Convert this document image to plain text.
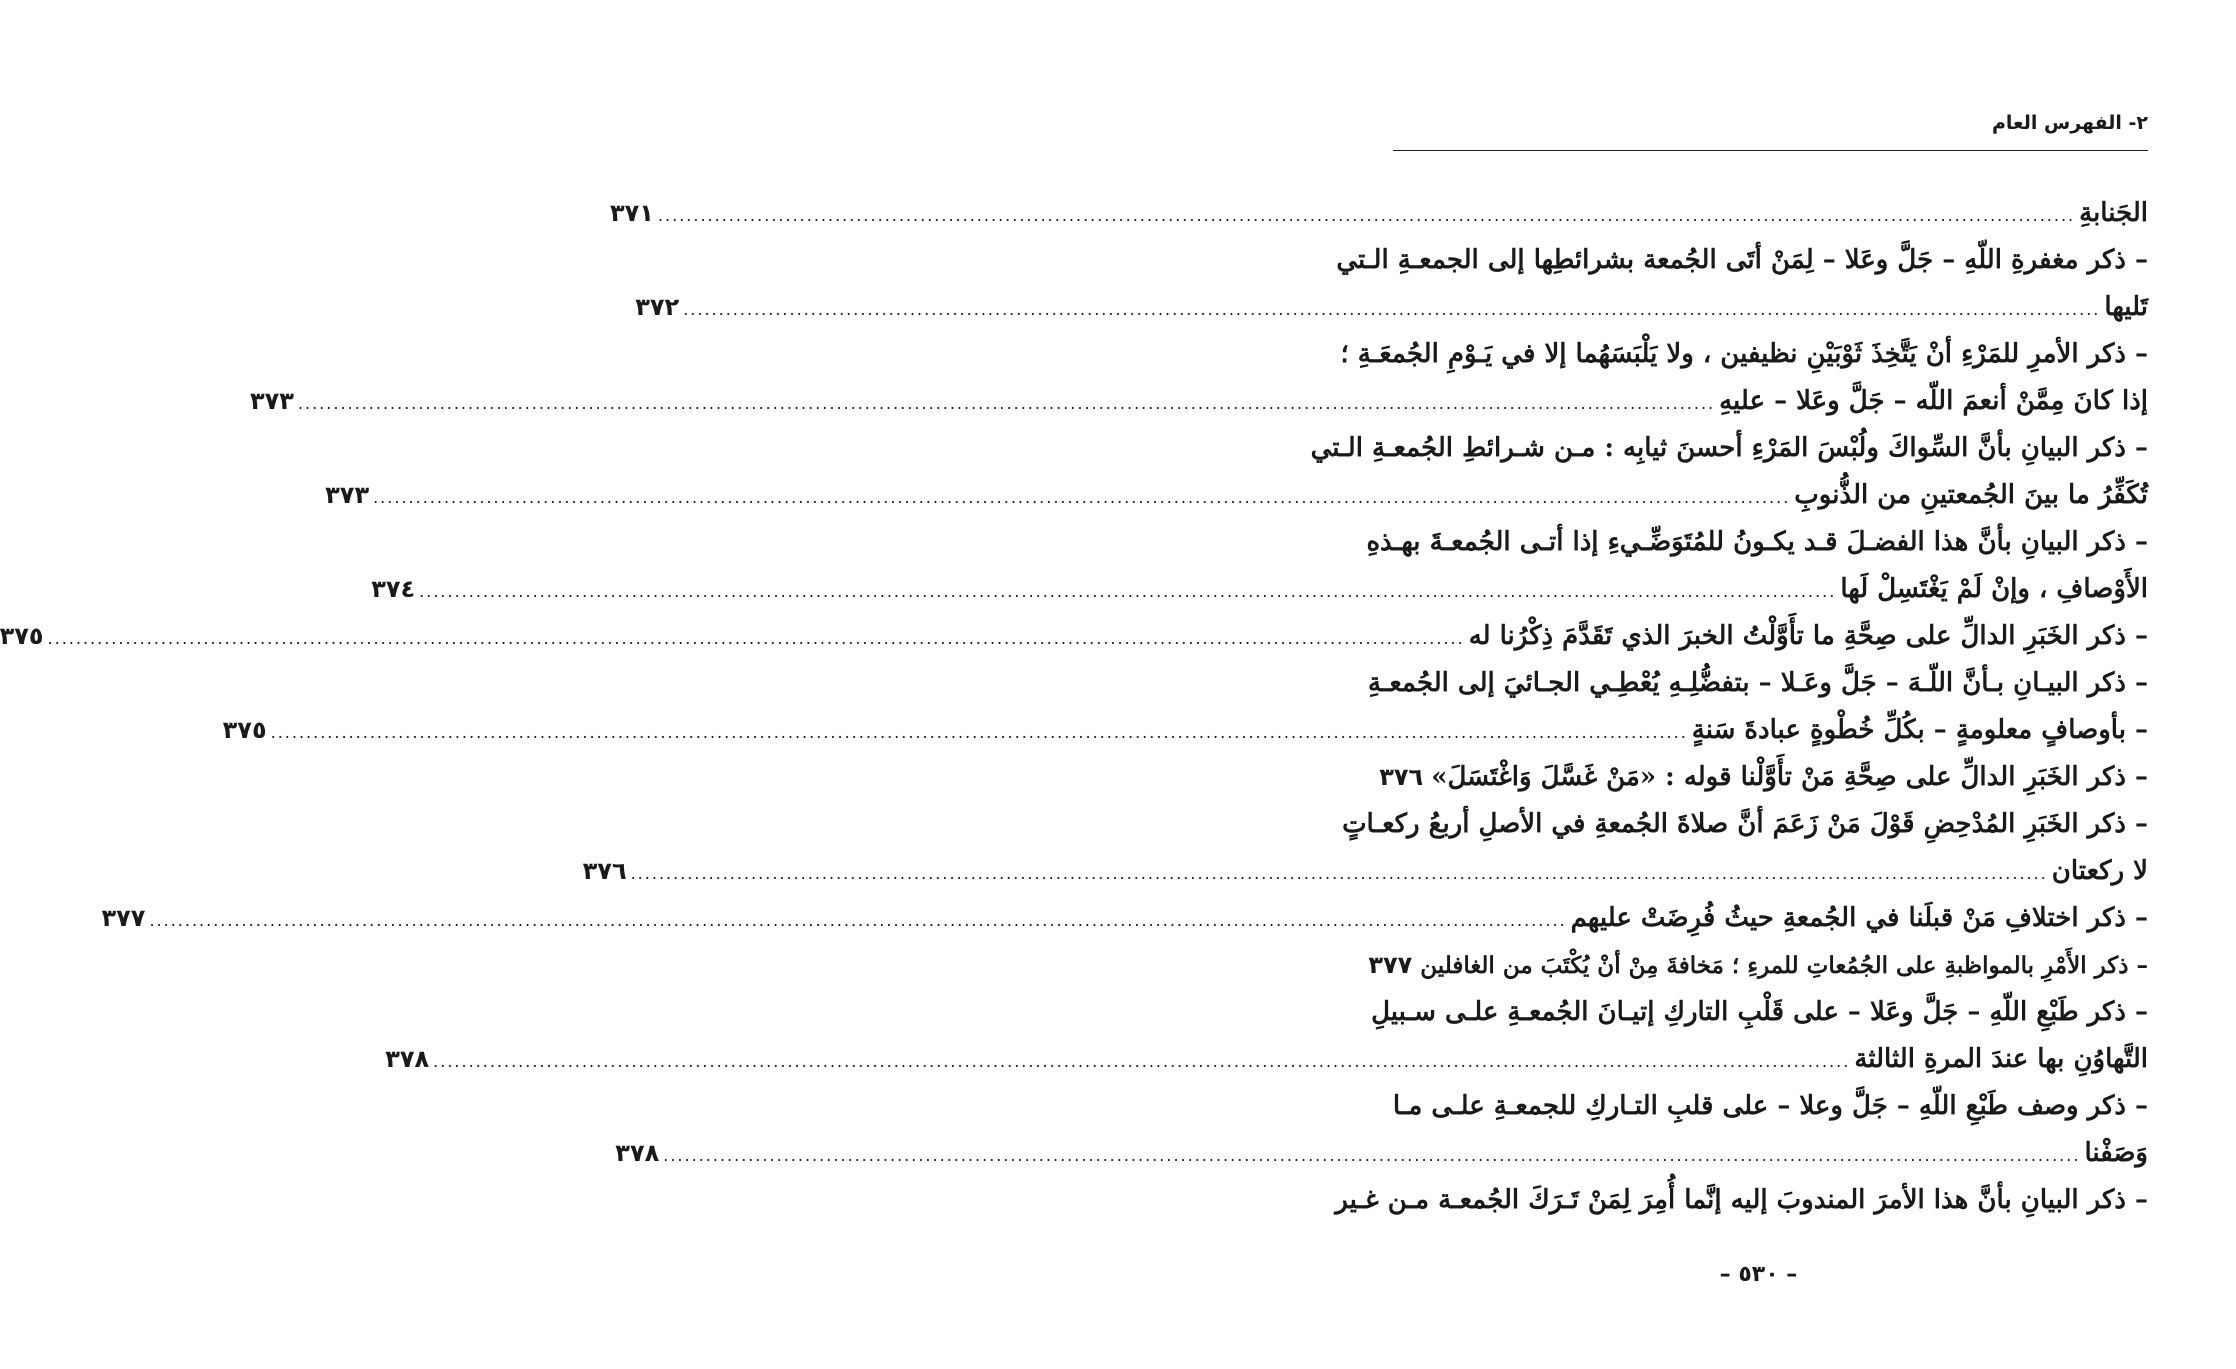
٢- الفهرس العام
الجَنابةِ
........................................................................................................................................................................................................
٣٧١
– ذكر مغفرةِ اللّهِ – جَلَّ وعَلا – لِمَنْ أتَى الجُمعة بشرائطِها إلى الجمعـةِ الـتي
تَليها
........................................................................................................................................................................................................
٣٧٢
– ذكر الأمرِ للمَرْءِ أنْ يَتَّخِذَ ثَوْبَيْنِ نظيفين ، ولا يَلْبَسَهُما إلا في يَـوْمِ الجُمعَـةِ ؛
إذا كانَ مِمَّنْ أنعمَ اللّه – جَلَّ وعَلا – عليهِ
........................................................................................................................................................................................................
٣٧٣
– ذكر البيانِ بأنَّ السِّواكَ ولُبْسَ المَرْءِ أحسنَ ثيابِه : مـن شـرائطِ الجُمعـةِ الـتي
تُكَفِّرُ ما بينَ الجُمعتينِ من الذُّنوبِ
........................................................................................................................................................................................................
٣٧٣
– ذكر البيانِ بأنَّ هذا الفضـلَ قـد يكـونُ للمُتَوَضِّـيءِ إذا أتـى الجُمعـةَ بهـذهِ
الأَوْصافِ ، وإنْ لَمْ يَغْتَسِلْ لَها
........................................................................................................................................................................................................
٣٧٤
– ذكر الخَبَرِ الدالِّ على صِحَّةِ ما تأَوَّلْتُ الخبرَ الذي تَقَدَّمَ ذِكْرُنا له
........................................................................................................................................................................................................
٣٧٥
– ذكر البيـانِ بـأنَّ اللّـهَ – جَلَّ وعَـلا – بتفضُّلِـهِ يُعْطِـي الجـائيَ إلى الجُمعـةِ
– بأوصافٍ معلومةٍ – بكُلِّ خُطْوةٍ عبادةَ سَنةٍ
........................................................................................................................................................................................................
٣٧٥
– ذكر الخَبَرِ الدالِّ على صِحَّةِ مَنْ تأَوَّلْنا قوله : «مَنْ غَسَّلَ وَاغْتَسَلَ»
٣٧٦
– ذكر الخَبَرِ المُدْحِضِ قَوْلَ مَنْ زَعَمَ أنَّ صلاةَ الجُمعةِ في الأصلِ أربعُ ركعـاتٍ
لا ركعتان
........................................................................................................................................................................................................
٣٧٦
– ذكر اختلافِ مَنْ قبلَنا في الجُمعةِ حيثُ فُرِضَتْ عليهم
........................................................................................................................................................................................................
٣٧٧
– ذكر الأَمْرِ بالمواظبةِ على الجُمُعاتِ للمرءِ ؛ مَخافةَ مِنْ أنْ يُكْتَبَ من الغافلين
٣٧٧
– ذكر طَبْعِ اللّهِ – جَلَّ وعَلا – على قَلْبِ التاركِ إتيـانَ الجُمعـةِ علـى سـبيلِ
التَّهاوُنِ بها عندَ المرةِ الثالثة
........................................................................................................................................................................................................
٣٧٨
– ذكر وصف طَبْعِ اللّهِ – جَلَّ وعلا – على قلبِ التـاركِ للجمعـةِ علـى مـا
وَصَفْنا
........................................................................................................................................................................................................
٣٧٨
– ذكر البيانِ بأنَّ هذا الأمرَ المندوبَ إليه إنَّما أُمِرَ لِمَنْ تَـرَكَ الجُمعـة مـن غـير
– ٥٣٠ –
